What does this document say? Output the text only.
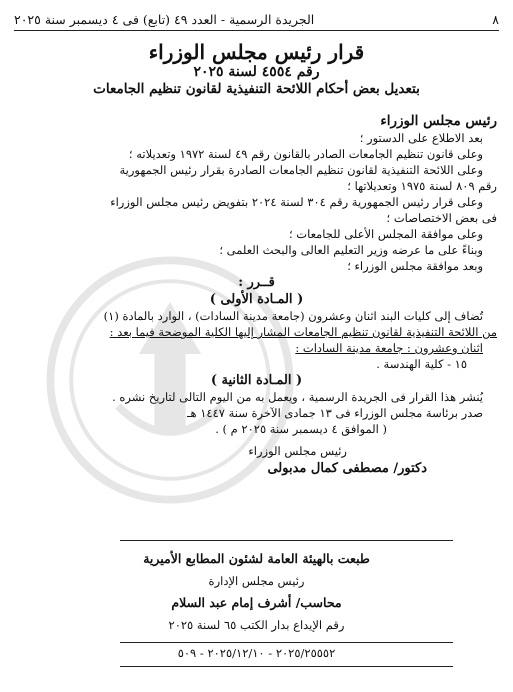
٨
الجريدة الرسمية - العدد ٤٩ (تابع) فى ٤ ديسمبر سنة ٢٠٢٥
قرار رئيس مجلس الوزراء
رقم ٤٥٥٤ لسنة ٢٠٢٥
بتعديل بعض أحكام اللائحة التنفيذية لقانون تنظيم الجامعات

رئيس مجلس الوزراء

بعد الاطلاع على الدستور ؛

وعلى قانون تنظيم الجامعات الصادر بالقانون رقم ٤٩ لسنة ١٩٧٢ وتعديلاته ؛

وعلى اللائحة التنفيذية لقانون تنظيم الجامعات الصادرة بقرار رئيس الجمهورية

رقم ٨٠٩ لسنة ١٩٧٥ وتعديلاتها ؛

وعلى قرار رئيس الجمهورية رقم ٣٠٤ لسنة ٢٠٢٤ بتفويض رئيس مجلس الوزراء

فى بعض الاختصاصات ؛

وعلى موافقة المجلس الأعلى للجامعات ؛

وبناءً على ما عرضه وزير التعليم العالى والبحث العلمى ؛

وبعد موافقة مجلس الوزراء ؛

قــرر :

( المـادة الأولى )

تُضاف إلى كليات البند اثنان وعشرون (جامعة مدينة السادات) ، الوارد بالمادة (١)

من اللائحة التنفيذية لقانون تنظيم الجامعات المشار إليها الكلية الموضحة فيما بعد :

اثنان وعشرون : جامعة مدينة السادات :

١٥ - كلية الهندسة .

( المـادة الثانية )

يُنشر هذا القرار فى الجريدة الرسمية ، ويعمل به من اليوم التالى لتاريخ نشره .

صدر برئاسة مجلس الوزراء فى ١٣ جمادى الآخرة سنة ١٤٤٧ هـ

( الموافق ٤ ديسمبر سنة ٢٠٢٥ م ) .

رئيس مجلس الوزراء

دكتور/ مصطفى كمال مدبولى

طبعت بالهيئة العامة لشئون المطابع الأميرية

رئيس مجلس الإدارة

محاسب/ أشرف إمام عبد السلام

رقم الإيداع بدار الكتب ٦٥ لسنة ٢٠٢٥

٢٠٢٥/٢٥٥٥٢ - ٢٠٢٥/١٢/١٠ - ٥٠٩
